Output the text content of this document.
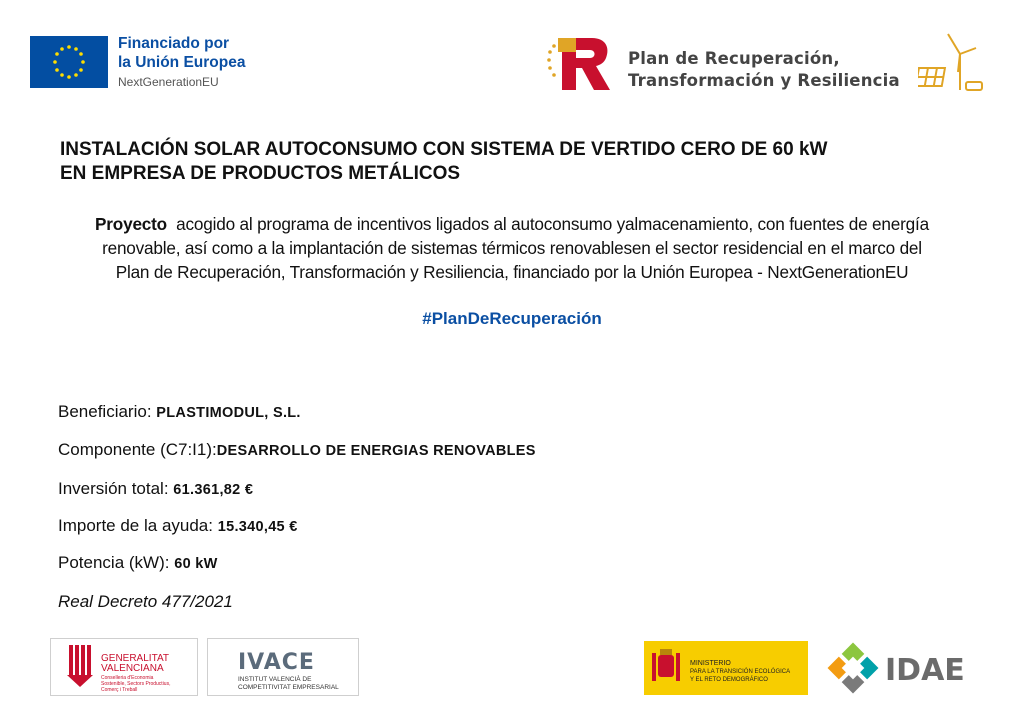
Financiado por
la Unión Europea
NextGenerationEU
Plan de Recuperación,
Transformación y Resiliencia
INSTALACIÓN SOLAR AUTOCONSUMO CON SISTEMA DE VERTIDO CERO DE 60 kW
EN EMPRESA DE PRODUCTOS METÁLICOS
Proyecto acogido al programa de incentivos ligados al autoconsumo yalmacenamiento, con fuentes de energía
renovable, así como a la implantación de sistemas térmicos renovablesen el sector residencial en el marco del
Plan de Recuperación, Transformación y Resiliencia, financiado por la Unión Europea - NextGenerationEU
#PlanDeRecuperación
Beneficiario: PLASTIMODUL, S.L.
Componente (C7:I1):DESARROLLO DE ENERGIAS RENOVABLES
Inversión total: 61.361,82 €
Importe de la ayuda: 15.340,45 €
Potencia (kW): 60 kW
Real Decreto 477/2021
GENERALITAT
VALENCIANA
Conselleria d'Economia
Sostenible, Sectors Productius,
Comerç i Treball
IVACE
INSTITUT VALENCIÀ DE
COMPETITIVITAT EMPRESARIAL
MINISTERIO
PARA LA TRANSICIÓN ECOLÓGICA
Y EL RETO DEMOGRÁFICO	IDAE
